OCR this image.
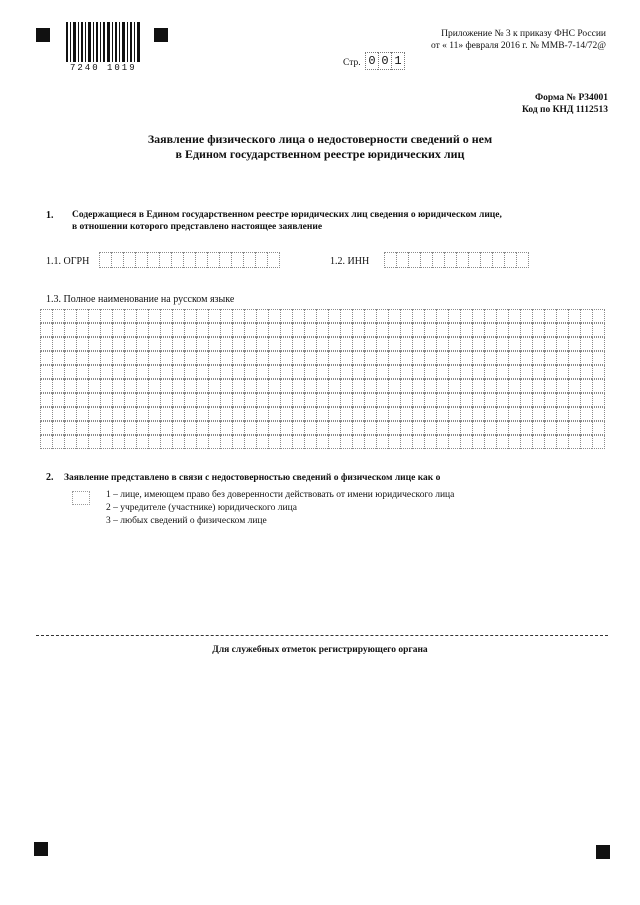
7240 1019
Приложение № 3 к приказу ФНС России
от « 11» февраля 2016 г. № ММВ-7-14/72@
Стр. 0 0 1
Форма № Р34001
Код по КНД 1112513
Заявление физического лица о недостоверности сведений о нем
в Едином государственном реестре юридических лиц
1. Содержащиеся в Едином государственном реестре юридических лиц сведения о юридическом лице,
в отношении которого представлено настоящее заявление
1.1. ОГРН	1.2. ИНН
1.3. Полное наименование на русском языке
2. Заявление представлено в связи с недостоверностью сведений о физическом лице как о
1 – лице, имеющем право без доверенности действовать от имени юридического лица
2 – учредителе (участнике) юридического лица
3 – любых сведений о физическом лице
Для служебных отметок регистрирующего органа
